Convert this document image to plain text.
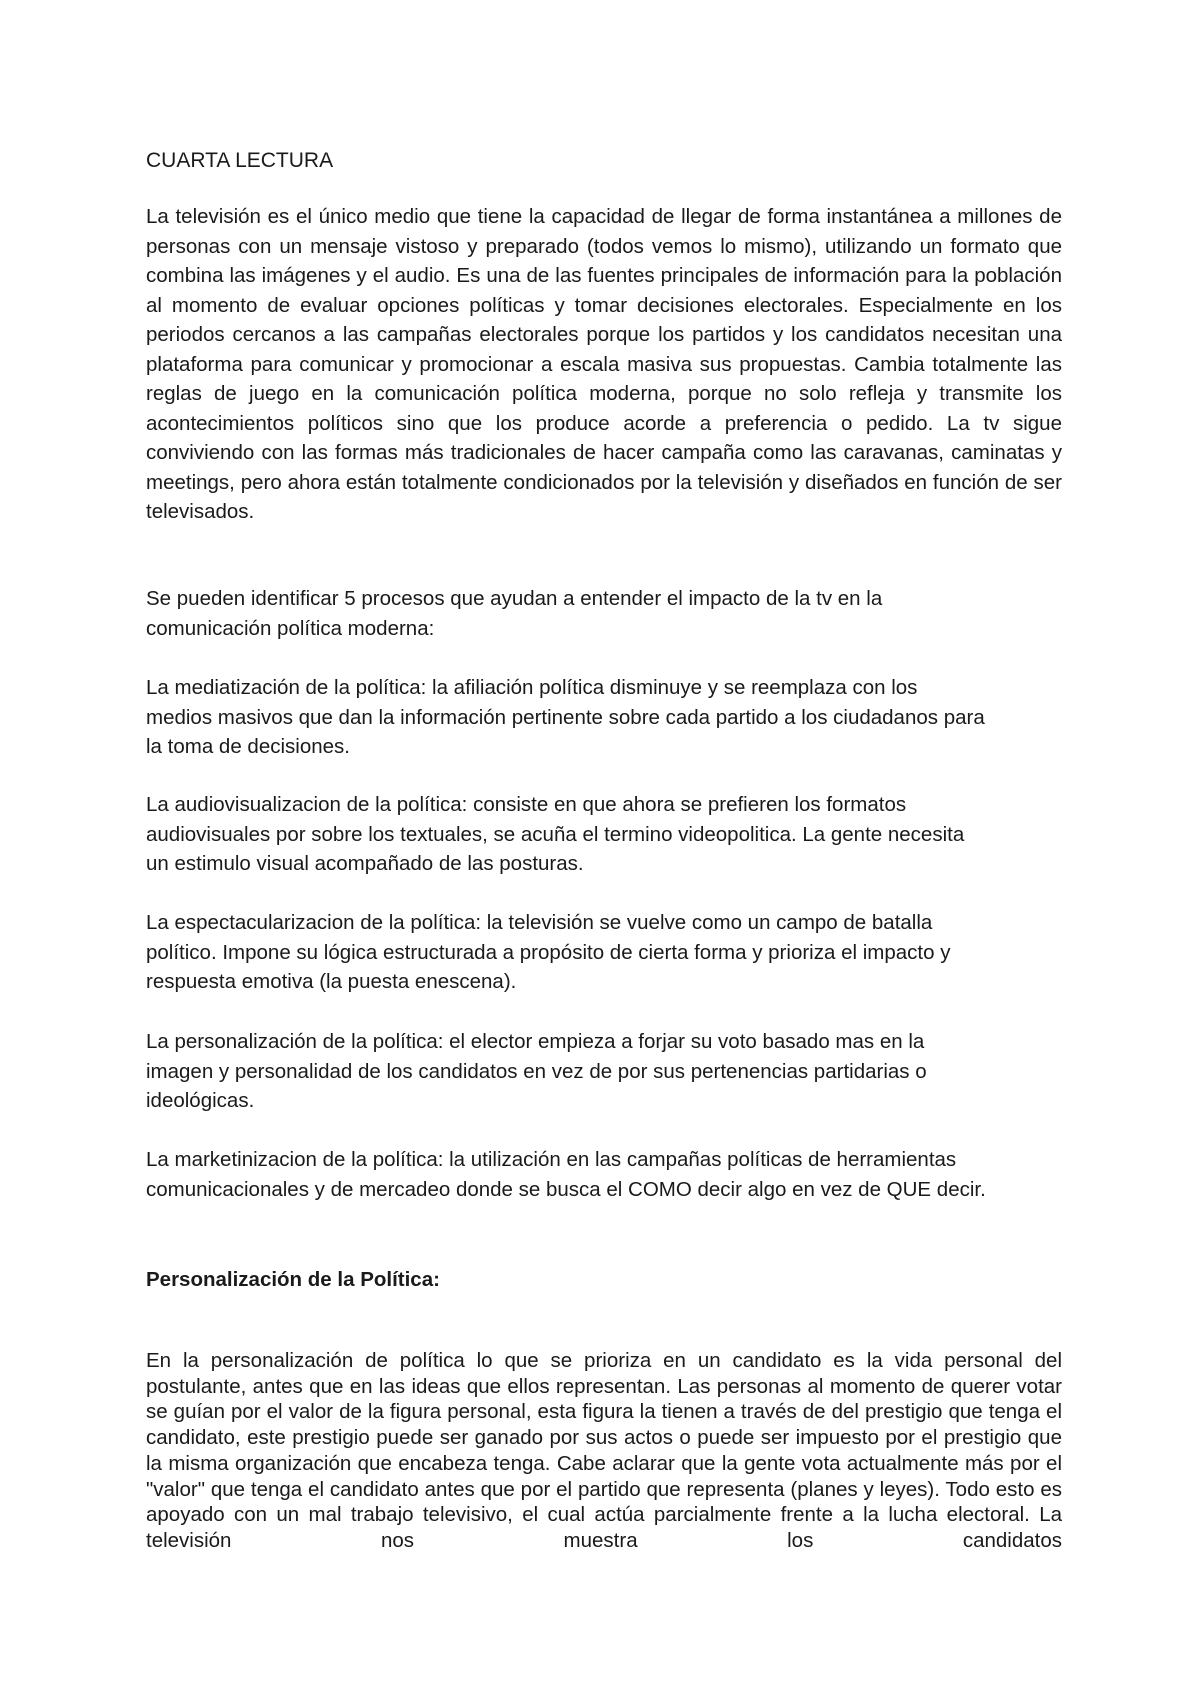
CUARTA LECTURA

La televisión es el único medio que tiene la capacidad de llegar de forma instantánea a millones de personas con un mensaje vistoso y preparado (todos vemos lo mismo), utilizando un formato que combina las imágenes y el audio. Es una de las fuentes principales de información para la población al momento de evaluar opciones políticas y tomar decisiones electorales. Especialmente en los periodos cercanos a las campañas electorales porque los partidos y los candidatos necesitan una plataforma para comunicar y promocionar a escala masiva sus propuestas. Cambia totalmente las reglas de juego en la comunicación política moderna, porque no solo refleja y transmite los acontecimientos políticos sino que los produce acorde a preferencia o pedido. La tv sigue conviviendo con las formas más tradicionales de hacer campaña como las caravanas, caminatas y meetings, pero ahora están totalmente condicionados por la televisión y diseñados en función de ser televisados.

Se pueden identificar 5 procesos que ayudan a entender el impacto de la tv en la
comunicación política moderna:

La mediatización de la política: la afiliación política disminuye y se reemplaza con los
medios masivos que dan la información pertinente sobre cada partido a los ciudadanos para
la toma de decisiones.

La audiovisualizacion de la política: consiste en que ahora se prefieren los formatos
audiovisuales por sobre los textuales, se acuña el termino videopolitica. La gente necesita
un estimulo visual acompañado de las posturas.

La espectacularizacion de la política: la televisión se vuelve como un campo de batalla
político. Impone su lógica estructurada a propósito de cierta forma y prioriza el impacto y
respuesta emotiva (la puesta enescena).

La personalización de la política: el elector empieza a forjar su voto basado mas en la
imagen y personalidad de los candidatos en vez de por sus pertenencias partidarias o
ideológicas.

La marketinizacion de la política: la utilización en las campañas políticas de herramientas
comunicacionales y de mercadeo donde se busca el COMO decir algo en vez de QUE decir.

Personalización de la Política:

En la personalización de política lo que se prioriza en un candidato es la vida personal del postulante, antes que en las ideas que ellos representan. Las personas al momento de querer votar se guían por el valor de la figura personal, esta figura la tienen a través de del prestigio que tenga el candidato, este prestigio puede ser ganado por sus actos o puede ser impuesto por el prestigio que la misma organización que encabeza tenga. Cabe aclarar que la gente vota actualmente más por el "valor" que tenga el candidato antes que por el partido que representa (planes y leyes). Todo esto es apoyado con un mal trabajo televisivo, el cual actúa parcialmente frente a la lucha electoral. La televisión nos muestra los candidatos
